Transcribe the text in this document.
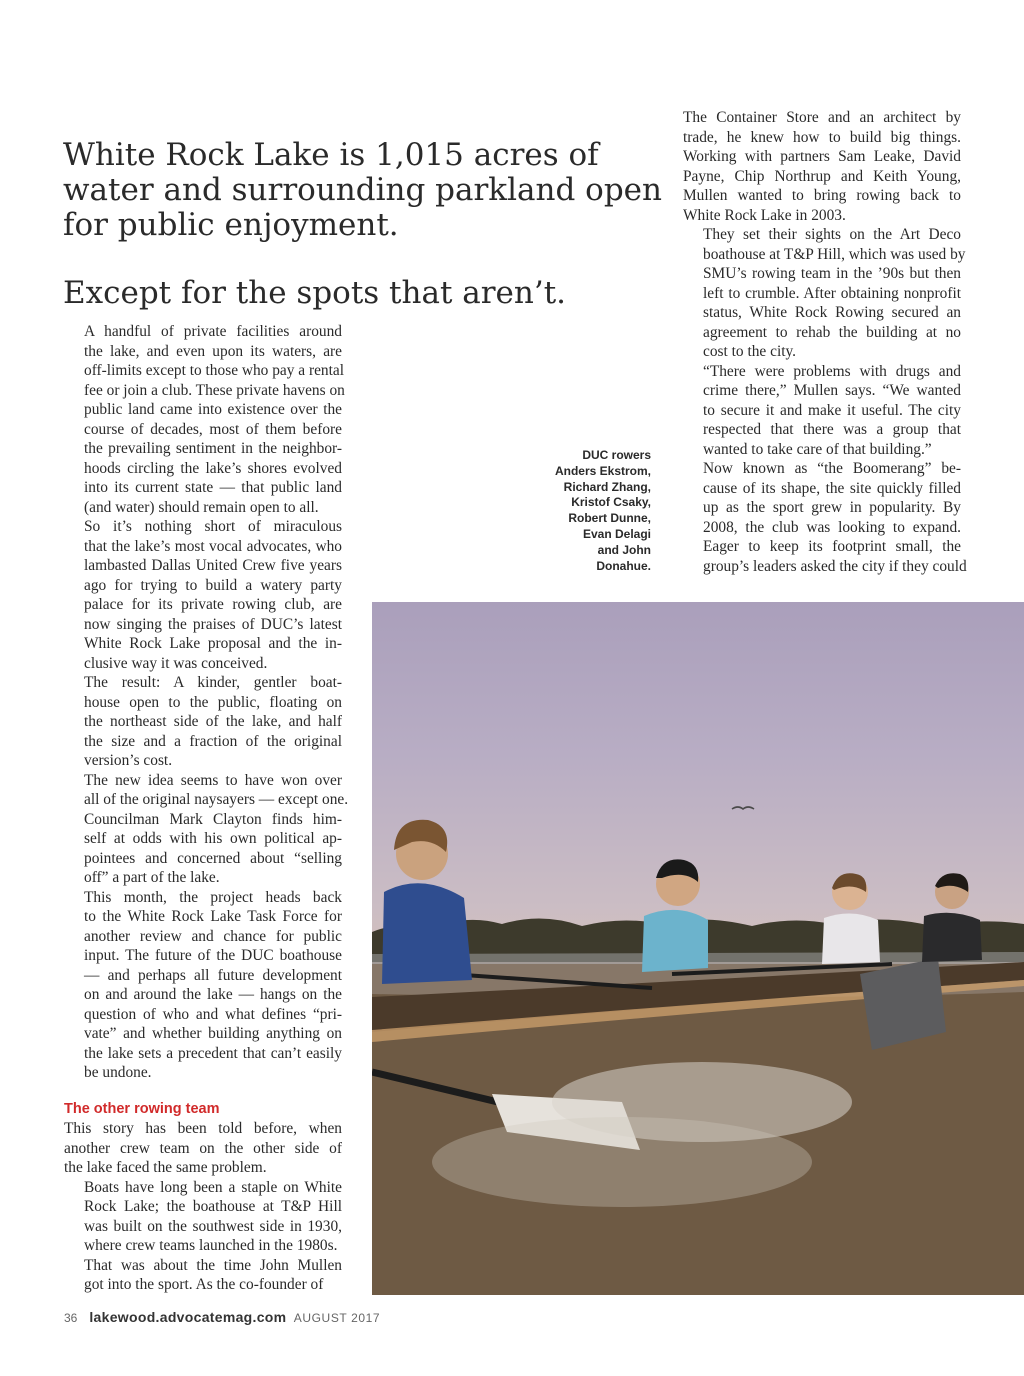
White Rock Lake is 1,015 acres of
water and surrounding parkland open
for public enjoyment.
Except for the spots that aren’t.

A handful of private facilities around
the lake, and even upon its waters, are
off-limits except to those who pay a rental
fee or join a club. These private havens on
public land came into existence over the
course of decades, most of them before
the prevailing sentiment in the neighbor-
hoods circling the lake’s shores evolved
into its current state — that public land
(and water) should remain open to all.

So it’s nothing short of miraculous
that the lake’s most vocal advocates, who
lambasted Dallas United Crew five years
ago for trying to build a watery party
palace for its private rowing club, are
now singing the praises of DUC’s latest
White Rock Lake proposal and the in-
clusive way it was conceived.

The result: A kinder, gentler boat-
house open to the public, floating on
the northeast side of the lake, and half
the size and a fraction of the original
version’s cost.

The new idea seems to have won over
all of the original naysayers — except one.

Councilman Mark Clayton finds him-
self at odds with his own political ap-
pointees and concerned about “selling
off” a part of the lake.

This month, the project heads back
to the White Rock Lake Task Force for
another review and chance for public
input. The future of the DUC boathouse
— and perhaps all future development
on and around the lake — hangs on the
question of who and what defines “pri-
vate” and whether building anything on
the lake sets a precedent that can’t easily
be undone.

The other rowing team

This story has been told before, when
another crew team on the other side of
the lake faced the same problem.

Boats have long been a staple on White
Rock Lake; the boathouse at T&P Hill
was built on the southwest side in 1930,
where crew teams launched in the 1980s.

That was about the time John Mullen
got into the sport. As the co-founder of

DUC rowers
Anders Ekstrom,
Richard Zhang,
Kristof Csaky,
Robert Dunne,
Evan Delagi
and John
Donahue.

The Container Store and an architect by
trade, he knew how to build big things.
Working with partners Sam Leake, David
Payne, Chip Northrup and Keith Young,
Mullen wanted to bring rowing back to
White Rock Lake in 2003.

They set their sights on the Art Deco
boathouse at T&P Hill, which was used by
SMU’s rowing team in the ’90s but then
left to crumble. After obtaining nonprofit
status, White Rock Rowing secured an
agreement to rehab the building at no
cost to the city.

“There were problems with drugs and
crime there,” Mullen says. “We wanted
to secure it and make it useful. The city
respected that there was a group that
wanted to take care of that building.”

Now known as “the Boomerang” be-
cause of its shape, the site quickly filled
up as the sport grew in popularity. By
2008, the club was looking to expand.
Eager to keep its footprint small, the
group’s leaders asked the city if they could

36 lakewood.advocatemag.com AUGUST 2017
